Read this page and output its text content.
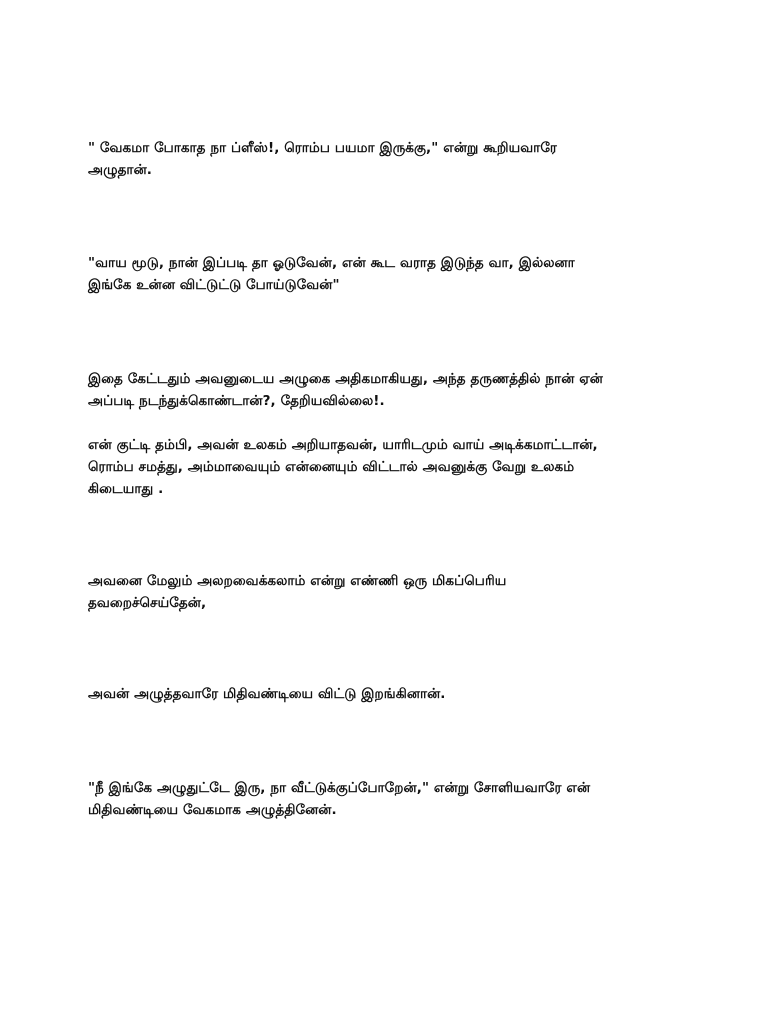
" வேகமா போகாத நா ப்ளீஸ்!, ரொம்ப பயமா இருக்கு," என்று கூறியவாரே
அழுதான்.

"வாய மூடு, நான் இப்படி தா ஓடுவேன், என் கூட வராத இடுந்த வா, இல்லனா
இங்கே உன்ன விட்டுட்டு போய்டுவேன்"

இதை கேட்டதும் அவனுடைய அழுகை அதிகமாகியது, அந்த தருணத்தில் நான் ஏன்
அப்படி நடந்துக்கொண்டான்?, தேறியவில்லை!.

என் குட்டி தம்பி, அவன் உலகம் அறியாதவன், யாரிடமும் வாய் அடிக்கமாட்டான்,
ரொம்ப சமத்து, அம்மாவையும் என்னையும் விட்டால் அவனுக்கு வேறு உலகம்
கிடையாது .

அவனை மேலும் அலறவைக்கலாம் என்று எண்ணி ஒரு மிகப்பெரிய
தவறைச்செய்தேன்,

அவன் அழுத்தவாரே மிதிவண்டியை விட்டு இறங்கினான்.

"நீ இங்கே அழுதுட்டே இரு, நா வீட்டுக்குப்போறேன்," என்று சோளியவாரே என்
மிதிவண்டியை வேகமாக அழுத்தினேன்.
